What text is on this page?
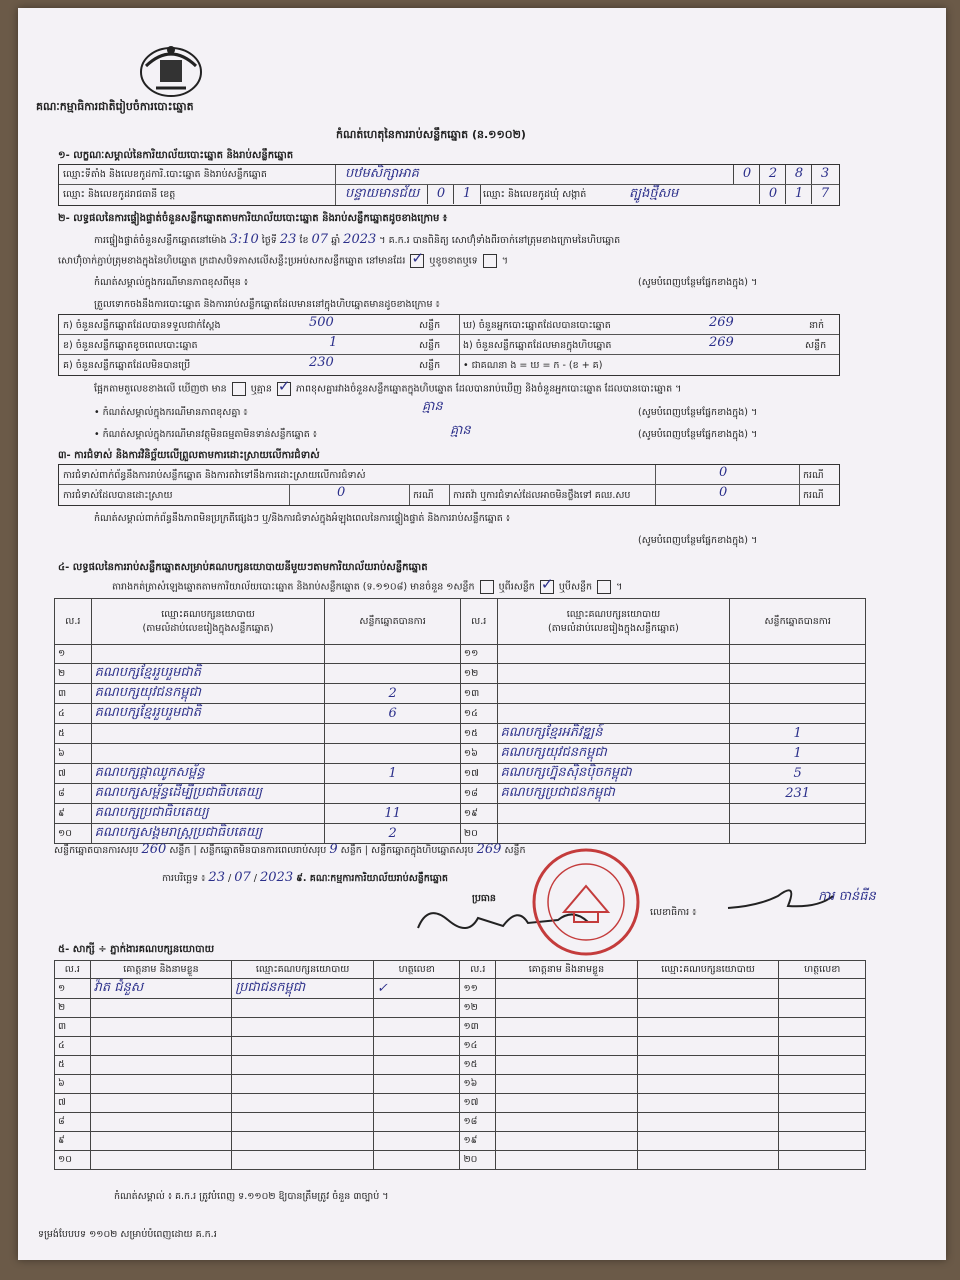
គណៈកម្មាធិការជាតិរៀបចំការបោះឆ្នោត
កំណត់ហេតុនៃការរាប់សន្លឹកឆ្នោត (ន.១១០២)
១- លក្ខណៈសម្គាល់នៃការិយាល័យបោះឆ្នោត និងរាប់សន្លឹកឆ្នោត
ឈ្មោះទីតាំង និងលេខកូដការិ.បោះឆ្នោត និងរាប់សន្លឹកឆ្នោត	បឋមសិក្សាអាគ	0	2	8	3
ឈ្មោះ និងលេខកូដរាជធានី ខេត្ត	បន្ទាយមានជ័យ	0	1	ឈ្មោះ និងលេខកូដឃុំ សង្កាត់	ត្បូងថ្មីសម	0	1	7
២- លទ្ធផលនៃការផ្ទៀងផ្ទាត់ចំនួនសន្លឹកឆ្នោតតាមការិយាល័យបោះឆ្នោត និងរាប់សន្លឹកឆ្នោតដូចខាងក្រោម ៖
ការផ្ទៀងផ្ទាត់ចំនួនសន្លឹកឆ្នោតនៅម៉ោង 3:10 ថ្ងៃទី 23 ខែ 07 ឆ្នាំ 2023 ។ គ.ក.រ បានពិនិត្យ សោហ៊ុំទាំងពីរចាក់នៅត្រុមខាងក្រោមនៃហិបឆ្នោត
សោហ៊ុំចាក់ភ្ជាប់ត្រុមខាងក្នុងនៃហិបឆ្នោត ក្រដាសបិទភាសលើសន្លឹះប្រអប់សកសន្លឹកឆ្នោត នៅមានដែរ ✓	ឬខូចខាតឬទេ  ។
កំណត់សម្គាល់ក្នុងករណីមានភាពខុសពីមុន ៖	(សូមបំពេញបន្ថែមផ្នែកខាងក្នុង) ។
ត្រួលទោកចងនឹងការបោះឆ្នោត និងការរាប់សន្លឹកឆ្នោតដែលមាននៅក្នុងហិបឆ្នោតមានដូចខាងក្រោម ៖
ក) ចំនួនសន្លឹកឆ្នោតដែលបានទទួលជាក់ស្តែង	500	សន្លឹក ឃ) ចំនួនអ្នកបោះឆ្នោតដែលបានបោះឆ្នោត	269	នាក់
ខ) ចំនួនសន្លឹកឆ្នោតខូចពេលបោះឆ្នោត	1	សន្លឹក ង) ចំនួនសន្លឹកឆ្នោតដែលមានក្នុងហិបឆ្នោត	269	សន្លឹក
គ) ចំនួនសន្លឹកឆ្នោតដែលមិនបានប្រើ	230	សន្លឹក • ជាគណនា ង = ឃ = ក - (ខ + គ)
ផ្អែកតាមតួលេខខាងលើ ឃើញថា មាន	ឬគ្មាន ✓	ភាពខុសគ្នារវាងចំនួនសន្លឹកឆ្នោតក្នុងហិបឆ្នោត ដែលបានរាប់ឃើញ និងចំនួនអ្នកបោះឆ្នោត ដែលបានបោះឆ្នោត ។
• កំណត់សម្គាល់ក្នុងករណីមានភាពខុសគ្នា ៖	គ្មាន	(សូមបំពេញបន្ថែមផ្នែកខាងក្នុង) ។
• កំណត់សម្គាល់ក្នុងករណីមានវត្ថុមិនធម្មតាមិនទាន់សន្លឹកឆ្នោត ៖	គ្មាន	(សូមបំពេញបន្ថែមផ្នែកខាងក្នុង) ។
៣- ការជំទាស់ និងការវិនិច្ឆ័យលើព្រួលតាមការដោះស្រាយលើការជំទាស់
ការជំទាស់ពាក់ព័ន្ធនឹងការរាប់សន្លឹកឆ្នោត និងការតវ៉ាទៅនឹងការដោះស្រាយលើការជំទាស់	0	ករណី
ការជំទាស់ដែលបានដោះស្រាយ	0	ករណី ការតវ៉ា ឬការជំទាស់ដែលអាចមិនថ្លឹងទៅ គឈ.សប	0	ករណី
កំណត់សម្គាល់ពាក់ព័ន្ធនឹងភាពមិនប្រក្រតីផ្សេងៗ ឬ/និងការជំទាស់ក្នុងអំឡុងពេលនៃការផ្ទៀងផ្ទាត់ និងការរាប់សន្លឹកឆ្នោត ៖
(សូមបំពេញបន្ថែមផ្នែកខាងក្នុង) ។
៤- លទ្ធផលនៃការរាប់សន្លឹកឆ្នោតសម្រាប់គណបក្សនយោបាយនីមួយៗតាមការិយាល័យរាប់សន្លឹកឆ្នោត
តារាងកត់ត្រាសំឡេងឆ្នោតតាមការិយាល័យបោះឆ្នោត និងរាប់សន្លឹកឆ្នោត (ទ.១១០៨) មានចំនួន ១សន្លឹក	ឬពីរសន្លឹក ✓	ឬបីសន្លឹក  ។
ល.រ	ឈ្មោះគណបក្សនយោបាយ
(តាមលំដាប់លេខរៀងក្នុងសន្លឹកឆ្នោត)	សន្លឹកឆ្នោតបានការ	ល.រ	ឈ្មោះគណបក្សនយោបាយ
(តាមលំដាប់លេខរៀងក្នុងសន្លឹកឆ្នោត)	សន្លឹកឆ្នោតបានការ
១			១១		
២	គណបក្សខ្មែររួបរួមជាតិ		១២		
៣	គណបក្សយុវជនកម្ពុជា	2	១៣		
៤	គណបក្សខ្មែររួបរួមជាតិ	6	១៤		
៥			១៥	គណបក្សខ្មែរអភិវឌ្ឍន៍	1
៦			១៦	គណបក្សយុវជនកម្ពុជា	1
៧	គណបក្សផ្កាឈូកសម្ព័ន្ធ	1	១៧	គណបក្សហ្វ៊ុនស៊ិនប៉ិចកម្ពុជា	5
៨	គណបក្សសម្ព័ន្ធដើម្បីប្រជាធិបតេយ្យ		១៨	គណបក្សប្រជាជនកម្ពុជា	231
៩	គណបក្សប្រជាធិបតេយ្យ	11	១៩		
១០	គណបក្សសង្គមរាស្ត្រប្រជាធិបតេយ្យ	2	២០		
សន្លឹកឆ្នោតបានការសរុប 260 សន្លឹក | សន្លឹកឆ្នោតមិនបានការពេលរាប់សរុប 9 សន្លឹក | សន្លឹកឆ្នោតក្នុងហិបឆ្នោតសរុប 269 សន្លឹក
ការបរិច្ឆេទ ៖ 23 / 07 / 2023 ៩. គណៈកម្មការការិយាល័យរាប់សន្លឹកឆ្នោត
ប្រធាន
លេខាធិការ ៖
ការ ចាន់ធីន
៥- សាក្សី ÷ ភ្នាក់ងារគណបក្សនយោបាយ
ល.រ	គោត្តនាម និងនាមខ្លួន	ឈ្មោះគណបក្សនយោបាយ	ហត្ថលេខា	ល.រ	គោត្តនាម និងនាមខ្លួន	ឈ្មោះគណបក្សនយោបាយ	ហត្ថលេខា
១	វ៉ាត ជំនួស	ប្រជាជនកម្ពុជា	✓	១១			
២				១២			
៣				១៣			
៤				១៤			
៥				១៥			
៦				១៦			
៧				១៧			
៨				១៨			
៩				១៩			
១០				២០			
កំណត់សម្គាល់ ៖ គ.ក.រ ត្រូវបំពេញ ទ.១១០២ ឱ្យបានត្រឹមត្រូវ ចំនួន ៣ច្បាប់ ។
ទម្រង់បែបបទ ១១០២ សម្រាប់បំពេញដោយ គ.ក.រ
